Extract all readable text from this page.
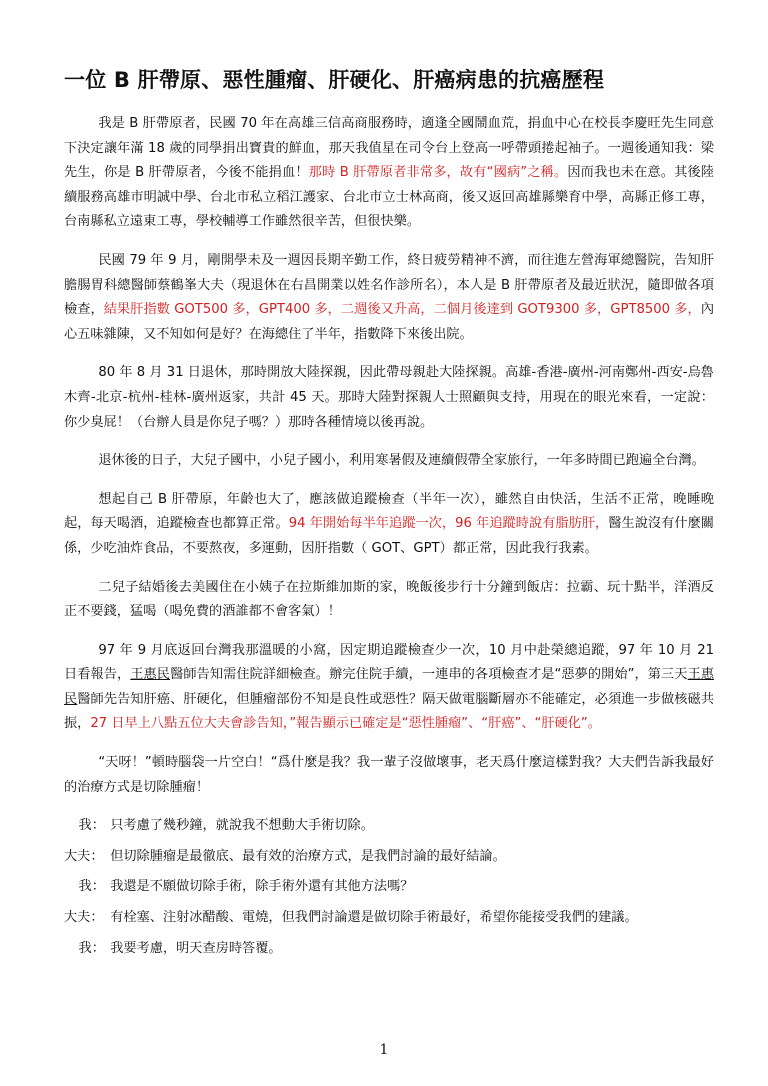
一位 B 肝帶原、惡性腫瘤、肝硬化、肝癌病患的抗癌歷程

我是 B 肝帶原者，民國 70 年在高雄三信高商服務時，適逢全國鬧血荒，捐血中心在校長李慶旺先生同意下決定讓年滿 18 歲的同學捐出寶貴的鮮血，那天我值星在司令台上登高一呼帶頭捲起袖子。一週後通知我：梁先生，你是 B 肝帶原者，今後不能捐血！那時 B 肝帶原者非常多，故有“國病”之稱。因而我也未在意。其後陸續服務高雄市明誠中學、台北市私立稻江護家、台北市立士林高商，後又返回高雄縣樂育中學，高縣正修工專，台南縣私立遠東工專，學校輔導工作雖然很辛苦，但很快樂。

民國 79 年 9 月，剛開學未及一週因長期辛勤工作，終日疲勞精神不濟，而往進左營海軍總醫院，告知肝膽腸胃科總醫師蔡鶴峯大夫（現退休在右昌開業以姓名作診所名），本人是 B 肝帶原者及最近狀況，隨即做各項檢查，結果肝指數 GOT500 多，GPT400 多，二週後又升高，二個月後達到 GOT9300 多，GPT8500 多，內心五味雜陳，又不知如何是好？在海總住了半年，指數降下來後出院。

80 年 8 月 31 日退休，那時開放大陸探親，因此帶母親赴大陸探親。高雄-香港-廣州-河南鄭州-西安-烏魯木齊-北京-杭州-桂林-廣州返家，共計 45 天。那時大陸對探親人士照顧與支持，用現在的眼光來看，一定說：你少臭屁！（台辦人員是你兒子嗎？）那時各種情境以後再說。

退休後的日子，大兒子國中，小兒子國小，利用寒暑假及連續假帶全家旅行，一年多時間已跑遍全台灣。

想起自己 B 肝帶原，年齡也大了，應該做追蹤檢查（半年一次），雖然自由快活，生活不正常，晚睡晚起，每天喝酒，追蹤檢查也都算正常。94 年開始每半年追蹤一次，96 年追蹤時說有脂肪肝，醫生說沒有什麼關係，少吃油炸食品，不要熬夜，多運動，因肝指數（ GOT、GPT）都正常，因此我行我素。

二兒子結婚後去美國住在小姨子在拉斯維加斯的家，晚飯後步行十分鐘到飯店：拉霸、玩十點半，洋酒反正不要錢，猛喝（喝免費的酒誰都不會客氣）！

97 年 9 月底返回台灣我那溫暖的小窩，因定期追蹤檢查少一次，10 月中赴榮總追蹤，97 年 10 月 21 日看報告，王惠民醫師告知需住院詳細檢查。辦完住院手續，一連串的各項檢查才是“惡夢的開始”，第三天王惠民醫師先告知肝癌、肝硬化，但腫瘤部份不知是良性或惡性？隔天做電腦斷層亦不能確定，必須進一步做核磁共振，27 日早上八點五位大夫會診告知，”報告顯示已確定是“惡性腫瘤”、“肝癌”、“肝硬化”。

“天呀！”頓時腦袋一片空白！“爲什麼是我？我一輩子沒做壞事，老天爲什麼這樣對我？大夫們告訴我最好的治療方式是切除腫瘤！

我： 只考慮了幾秒鐘，就說我不想動大手術切除。
大夫： 但切除腫瘤是最徹底、最有效的治療方式，是我們討論的最好結論。
我： 我還是不願做切除手術，除手術外還有其他方法嗎？
大夫： 有栓塞、注射冰醋酸、電燒，但我們討論還是做切除手術最好，希望你能接受我們的建議。
我： 我要考慮，明天查房時答覆。
1
